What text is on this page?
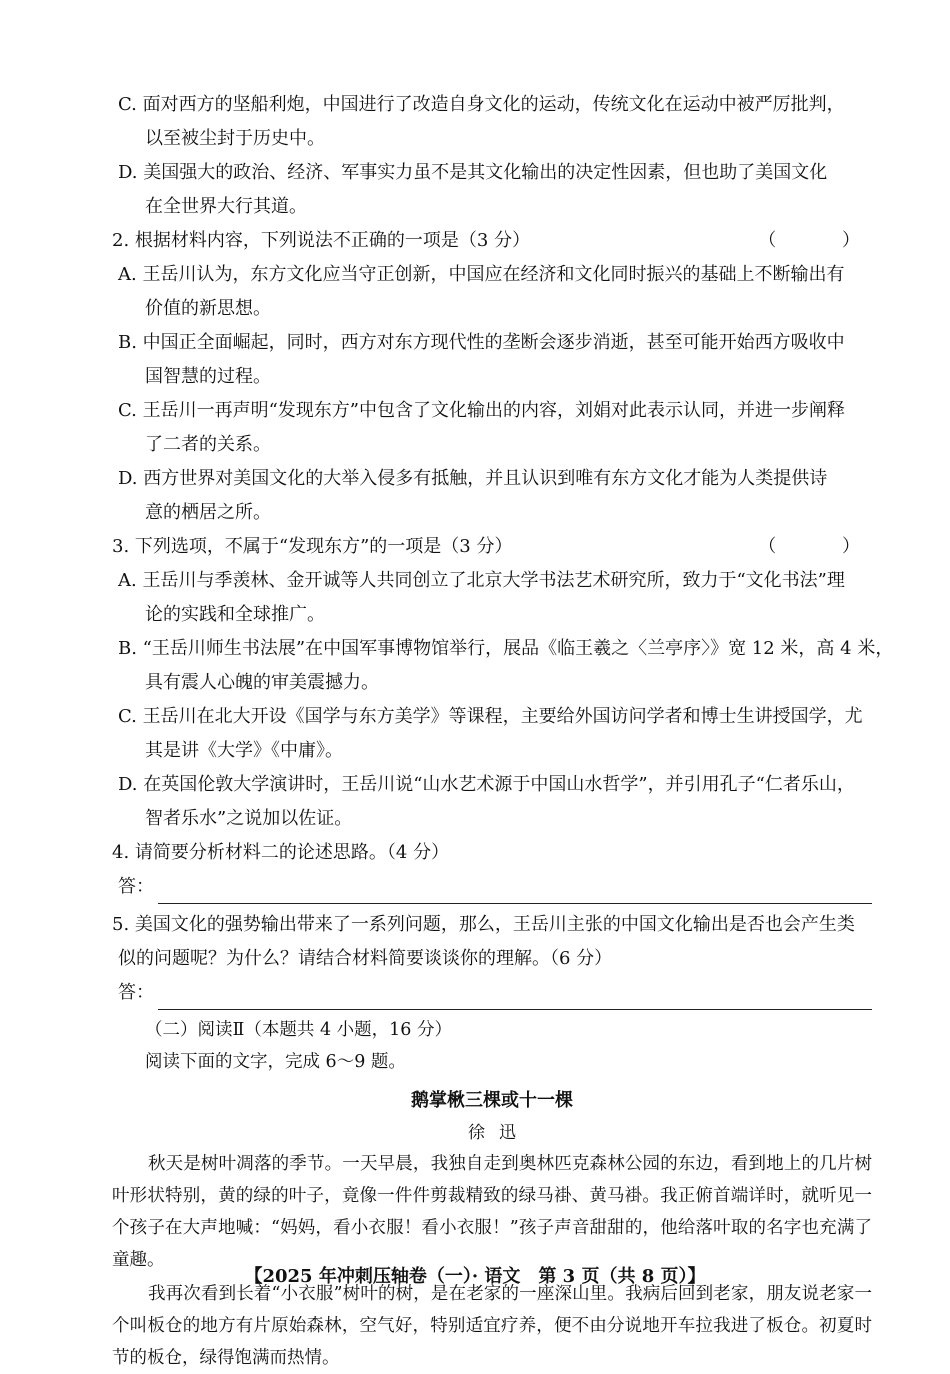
C. 面对西方的坚船利炮，中国进行了改造自身文化的运动，传统文化在运动中被严厉批判，
以至被尘封于历史中。
D. 美国强大的政治、经济、军事实力虽不是其文化输出的决定性因素，但也助了美国文化
在全世界大行其道。
2. 根据材料内容，下列说法不正确的一项是（3 分）	（ ）
A. 王岳川认为，东方文化应当守正创新，中国应在经济和文化同时振兴的基础上不断输出有
价值的新思想。
B. 中国正全面崛起，同时，西方对东方现代性的垄断会逐步消逝，甚至可能开始西方吸收中
国智慧的过程。
C. 王岳川一再声明“发现东方”中包含了文化输出的内容，刘娟对此表示认同，并进一步阐释
了二者的关系。
D. 西方世界对美国文化的大举入侵多有抵触，并且认识到唯有东方文化才能为人类提供诗
意的栖居之所。
3. 下列选项，不属于“发现东方”的一项是（3 分）	（ ）
A. 王岳川与季羡林、金开诚等人共同创立了北京大学书法艺术研究所，致力于“文化书法”理
论的实践和全球推广。
B. “王岳川师生书法展”在中国军事博物馆举行，展品《临王羲之〈兰亭序〉》宽 12 米，高 4 米，
具有震人心魄的审美震撼力。
C. 王岳川在北大开设《国学与东方美学》等课程，主要给外国访问学者和博士生讲授国学，尤
其是讲《大学》《中庸》。
D. 在英国伦敦大学演讲时，王岳川说“山水艺术源于中国山水哲学”，并引用孔子“仁者乐山，
智者乐水”之说加以佐证。
4. 请简要分析材料二的论述思路。（4 分）
答：
5. 美国文化的强势输出带来了一系列问题，那么，王岳川主张的中国文化输出是否也会产生类
似的问题呢？为什么？请结合材料简要谈谈你的理解。（6 分）
答：
（二）阅读Ⅱ（本题共 4 小题，16 分）
阅读下面的文字，完成 6～9 题。
鹅掌楸三棵或十一棵
徐迅

秋天是树叶凋落的季节。一天早晨，我独自走到奥林匹克森林公园的东边，看到地上的几片树叶形状特别，黄的绿的叶子，竟像一件件剪裁精致的绿马褂、黄马褂。我正俯首端详时，就听见一个孩子在大声地喊：“妈妈，看小衣服！看小衣服！”孩子声音甜甜的，他给落叶取的名字也充满了童趣。

我再次看到长着“小衣服”树叶的树，是在老家的一座深山里。我病后回到老家，朋友说老家一个叫板仓的地方有片原始森林，空气好，特别适宜疗养，便不由分说地开车拉我进了板仓。初夏时节的板仓，绿得饱满而热情。

【2025 年冲刺压轴卷（一）· 语文　第 3 页（共 8 页）】
